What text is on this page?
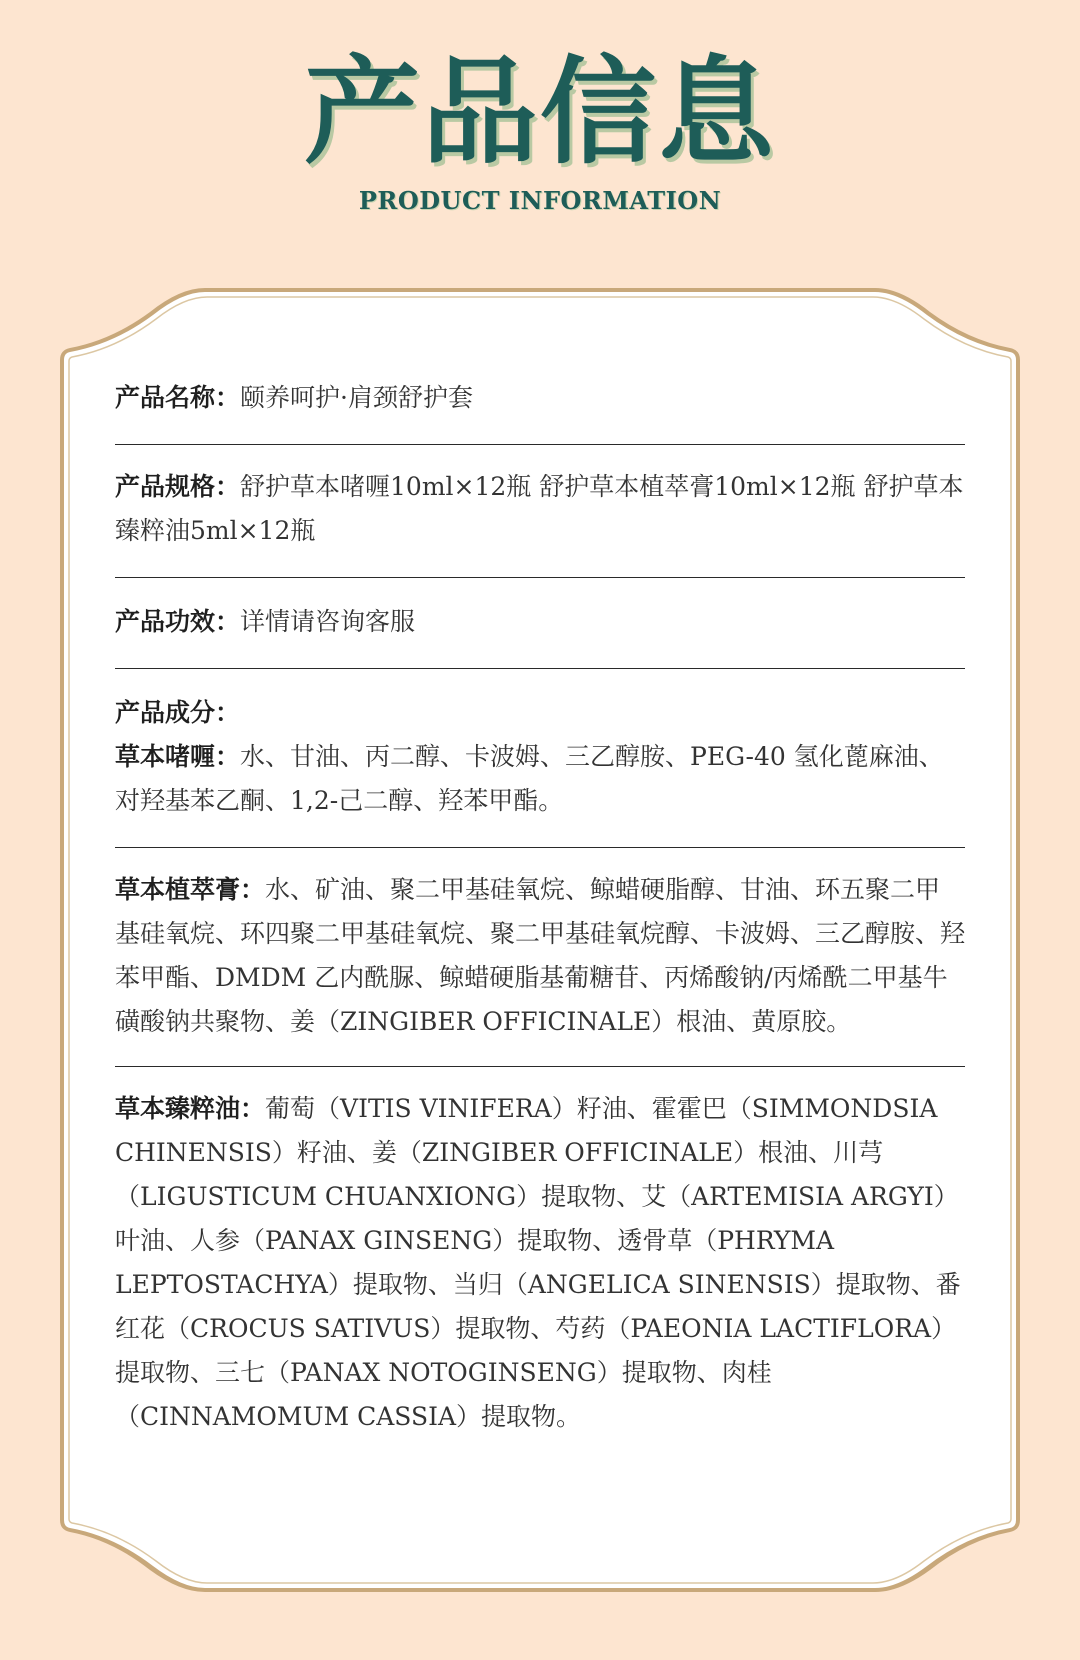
产品信息
PRODUCT INFORMATION
产品名称：颐养呵护·肩颈舒护套
产品规格：舒护草本啫喱10ml×12瓶 舒护草本植萃膏10ml×12瓶 舒护草本臻粹油5ml×12瓶
产品功效：详情请咨询客服
产品成分：
草本啫喱：水、甘油、丙二醇、卡波姆、三乙醇胺、PEG-40 氢化蓖麻油、对羟基苯乙酮、1,2-己二醇、羟苯甲酯。
草本植萃膏：水、矿油、聚二甲基硅氧烷、鲸蜡硬脂醇、甘油、环五聚二甲基硅氧烷、环四聚二甲基硅氧烷、聚二甲基硅氧烷醇、卡波姆、三乙醇胺、羟苯甲酯、DMDM 乙内酰脲、鲸蜡硬脂基葡糖苷、丙烯酸钠/丙烯酰二甲基牛磺酸钠共聚物、姜（ZINGIBER OFFICINALE）根油、黄原胶。
草本臻粹油：葡萄（VITIS VINIFERA）籽油、霍霍巴（SIMMONDSIA CHINENSIS）籽油、姜（ZINGIBER OFFICINALE）根油、川芎（LIGUSTICUM CHUANXIONG）提取物、艾（ARTEMISIA ARGYI）叶油、人参（PANAX GINSENG）提取物、透骨草（PHRYMA LEPTOSTACHYA）提取物、当归（ANGELICA SINENSIS）提取物、番红花（CROCUS SATIVUS）提取物、芍药（PAEONIA LACTIFLORA）提取物、三七（PANAX NOTOGINSENG）提取物、肉桂（CINNAMOMUM CASSIA）提取物。
